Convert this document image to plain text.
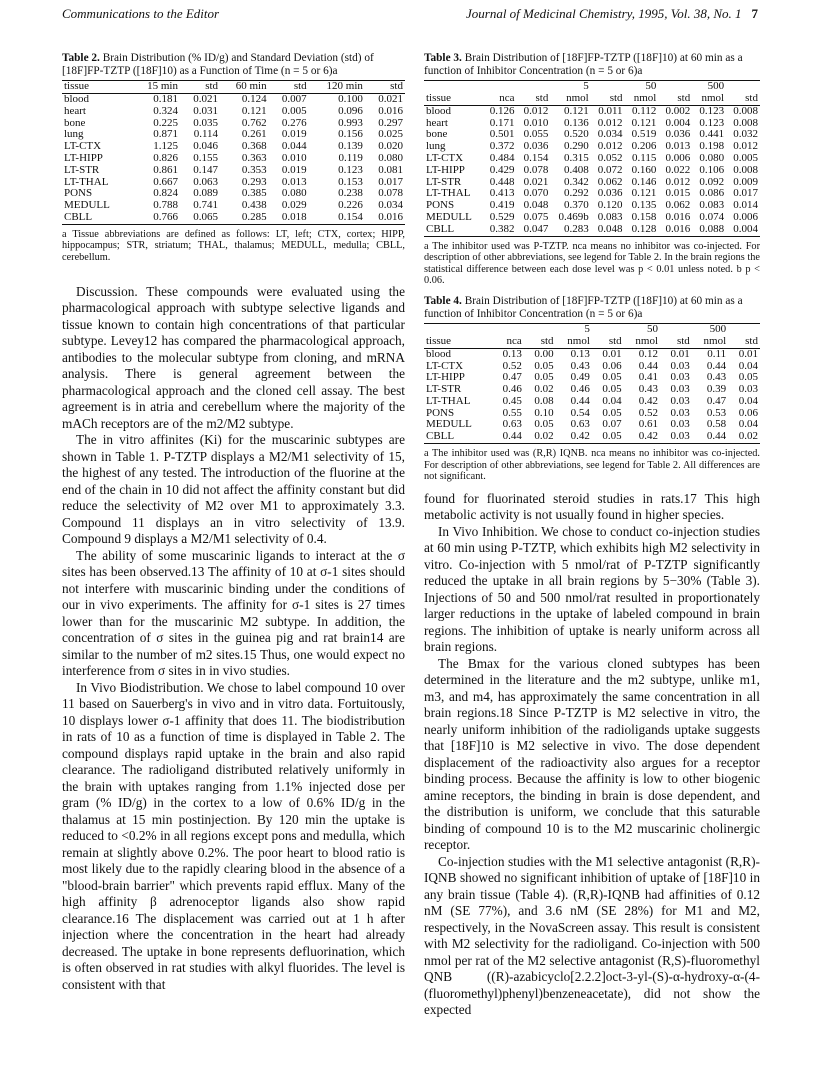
Communications to the Editor	Journal of Medicinal Chemistry, 1995, Vol. 38, No. 1 7

Table 2. Brain Distribution (% ID/g) and Standard Deviation (std) of [18F]FP-TZTP ([18F]10) as a Function of Time (n = 5 or 6)a

tissue	15 min	std	60 min	std	120 min	std
blood	0.181	0.021	0.124	0.007	0.100	0.021
heart	0.324	0.031	0.121	0.005	0.096	0.016
bone	0.225	0.035	0.762	0.276	0.993	0.297
lung	0.871	0.114	0.261	0.019	0.156	0.025
LT-CTX	1.125	0.046	0.368	0.044	0.139	0.020
LT-HIPP	0.826	0.155	0.363	0.010	0.119	0.080
LT-STR	0.861	0.147	0.353	0.019	0.123	0.081
LT-THAL	0.667	0.063	0.293	0.013	0.153	0.017
PONS	0.824	0.089	0.385	0.080	0.238	0.078
MEDULL	0.788	0.741	0.438	0.029	0.226	0.034
CBLL	0.766	0.065	0.285	0.018	0.154	0.016

a Tissue abbreviations are defined as follows: LT, left; CTX, cortex; HIPP, hippocampus; STR, striatum; THAL, thalamus; MEDULL, medulla; CBLL, cerebellum.

Discussion. These compounds were evaluated using the pharmacological approach with subtype selective ligands and tissue known to contain high concentrations of that particular subtype. Levey12 has compared the pharmacological approach, antibodies to the molecular subtype from cloning, and mRNA analysis. There is general agreement between the pharmacological approach and the cloned cell assay. The best agreement is in atria and cerebellum where the majority of the mACh receptors are of the m2/M2 subtype.

The in vitro affinites (Ki) for the muscarinic subtypes are shown in Table 1. P-TZTP displays a M2/M1 selectivity of 15, the highest of any tested. The introduction of the fluorine at the end of the chain in 10 did not affect the affinity constant but did reduce the selectivity of M2 over M1 to approximately 3.3. Compound 11 displays an in vitro selectivity of 13.9. Compound 9 displays a M2/M1 selectivity of 0.4.

The ability of some muscarinic ligands to interact at the σ sites has been observed.13 The affinity of 10 at σ-1 sites should not interfere with muscarinic binding under the conditions of our in vivo experiments. The affinity for σ-1 sites is 27 times lower than for the muscarinic M2 subtype. In addition, the concentration of σ sites in the guinea pig and rat brain14 are similar to the number of m2 sites.15 Thus, one would expect no interference from σ sites in in vivo studies.

In Vivo Biodistribution. We chose to label compound 10 over 11 based on Sauerberg's in vivo and in vitro data. Fortuitously, 10 displays lower σ-1 affinity that does 11. The biodistribution in rats of 10 as a function of time is displayed in Table 2. The compound displays rapid uptake in the brain and also rapid clearance. The radioligand distributed relatively uniformly in the brain with uptakes ranging from 1.1% injected dose per gram (% ID/g) in the cortex to a low of 0.6% ID/g in the thalamus at 15 min postinjection. By 120 min the uptake is reduced to <0.2% in all regions except pons and medulla, which remain at slightly above 0.2%. The poor heart to blood ratio is most likely due to the rapidly clearing blood in the absence of a "blood-brain barrier" which prevents rapid efflux. Many of the high affinity β adrenoceptor ligands also show rapid clearance.16 The displacement was carried out at 1 h after injection where the concentration in the heart had already decreased. The uptake in bone represents defluorination, which is often observed in rat studies with alkyl fluorides. The level is consistent with that

Table 3. Brain Distribution of [18F]FP-TZTP ([18F]10) at 60 min as a function of Inhibitor Concentration (n = 5 or 6)a

			5		50		500	
tissue	nca	std	nmol	std	nmol	std	nmol	std
blood	0.126	0.012	0.121	0.011	0.112	0.002	0.123	0.008
heart	0.171	0.010	0.136	0.012	0.121	0.004	0.123	0.008
bone	0.501	0.055	0.520	0.034	0.519	0.036	0.441	0.032
lung	0.372	0.036	0.290	0.012	0.206	0.013	0.198	0.012
LT-CTX	0.484	0.154	0.315	0.052	0.115	0.006	0.080	0.005
LT-HIPP	0.429	0.078	0.408	0.072	0.160	0.022	0.106	0.008
LT-STR	0.448	0.021	0.342	0.062	0.146	0.012	0.092	0.009
LT-THAL	0.413	0.070	0.292	0.036	0.121	0.015	0.086	0.017
PONS	0.419	0.048	0.370	0.120	0.135	0.062	0.083	0.014
MEDULL	0.529	0.075	0.469b	0.083	0.158	0.016	0.074	0.006
CBLL	0.382	0.047	0.283	0.048	0.128	0.016	0.088	0.004

a The inhibitor used was P-TZTP. nca means no inhibitor was co-injected. For description of other abbreviations, see legend for Table 2. In the brain regions the statistical difference between each dose level was p < 0.01 unless noted. b p < 0.06.

Table 4. Brain Distribution of [18F]FP-TZTP ([18F]10) at 60 min as a function of Inhibitor Concentration (n = 5 or 6)a

			5		50		500	
tissue	nca	std	nmol	std	nmol	std	nmol	std
blood	0.13	0.00	0.13	0.01	0.12	0.01	0.11	0.01
LT-CTX	0.52	0.05	0.43	0.06	0.44	0.03	0.44	0.04
LT-HIPP	0.47	0.05	0.49	0.05	0.41	0.03	0.43	0.05
LT-STR	0.46	0.02	0.46	0.05	0.43	0.03	0.39	0.03
LT-THAL	0.45	0.08	0.44	0.04	0.42	0.03	0.47	0.04
PONS	0.55	0.10	0.54	0.05	0.52	0.03	0.53	0.06
MEDULL	0.63	0.05	0.63	0.07	0.61	0.03	0.58	0.04
CBLL	0.44	0.02	0.42	0.05	0.42	0.03	0.44	0.02

a The inhibitor used was (R,R) IQNB. nca means no inhibitor was co-injected. For description of other abbreviations, see legend for Table 2. All differences are not significant.

found for fluorinated steroid studies in rats.17 This high metabolic activity is not usually found in higher species.

In Vivo Inhibition. We chose to conduct co-injection studies at 60 min using P-TZTP, which exhibits high M2 selectivity in vitro. Co-injection with 5 nmol/rat of P-TZTP significantly reduced the uptake in all brain regions by 5−30% (Table 3). Injections of 50 and 500 nmol/rat resulted in proportionately larger reductions in the uptake of labeled compound in brain regions. The inhibition of uptake is nearly uniform across all brain regions.

The Bmax for the various cloned subtypes has been determined in the literature and the m2 subtype, unlike m1, m3, and m4, has approximately the same concentration in all brain regions.18 Since P-TZTP is M2 selective in vitro, the nearly uniform inhibition of the radioligands uptake suggests that [18F]10 is M2 selective in vivo. The dose dependent displacement of the radioactivity also argues for a receptor binding process. Because the affinity is low to other biogenic amine receptors, the binding in brain is dose dependent, and the distribution is uniform, we conclude that this saturable binding of compound 10 is to the M2 muscarinic cholinergic receptor.

Co-injection studies with the M1 selective antagonist (R,R)-IQNB showed no significant inhibition of uptake of [18F]10 in any brain tissue (Table 4). (R,R)-IQNB had affinities of 0.12 nM (SE 77%), and 3.6 nM (SE 28%) for M1 and M2, respectively, in the NovaScreen assay. This result is consistent with M2 selectivity for the radioligand. Co-injection with 500 nmol per rat of the M2 selective antagonist (R,S)-fluoromethyl QNB ((R)-azabicyclo[2.2.2]oct-3-yl-(S)-α-hydroxy-α-(4-(fluoromethyl)phenyl)benzeneacetate), did not show the expected
